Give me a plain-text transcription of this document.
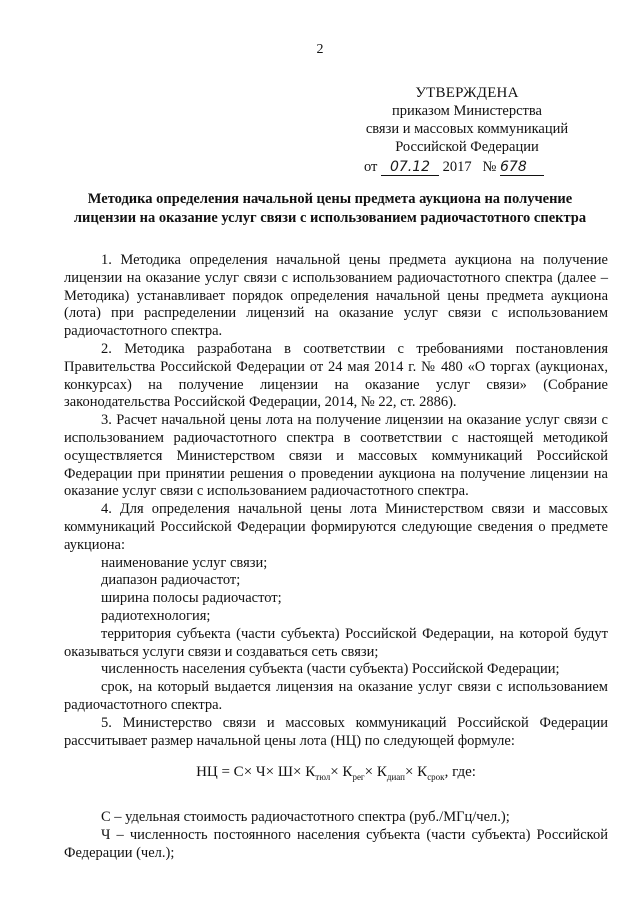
2
УТВЕРЖДЕНА
приказом Министерства
связи и массовых коммуникаций
Российской Федерации
от 07.12 2017 № 678
Методика определения начальной цены предмета аукциона на получение лицензии на оказание услуг связи с использованием радиочастотного спектра

1. Методика определения начальной цены предмета аукциона на получение лицензии на оказание услуг связи с использованием радиочастотного спектра (далее – Методика) устанавливает порядок определения начальной цены предмета аукциона (лота) при распределении лицензий на оказание услуг связи с использованием радиочастотного спектра.

2. Методика разработана в соответствии с требованиями постановления Правительства Российской Федерации от 24 мая 2014 г. № 480 «О торгах (аукционах, конкурсах) на получение лицензии на оказание услуг связи» (Собрание законодательства Российской Федерации, 2014, № 22, ст. 2886).

3. Расчет начальной цены лота на получение лицензии на оказание услуг связи с использованием радиочастотного спектра в соответствии с настоящей методикой осуществляется Министерством связи и массовых коммуникаций Российской Федерации при принятии решения о проведении аукциона на получение лицензии на оказание услуг связи с использованием радиочастотного спектра.

4. Для определения начальной цены лота Министерством связи и массовых коммуникаций Российской Федерации формируются следующие сведения о предмете аукциона:

наименование услуг связи;

диапазон радиочастот;

ширина полосы радиочастот;

радиотехнология;

территория субъекта (части субъекта) Российской Федерации, на которой будут оказываться услуги связи и создаваться сеть связи;

численность населения субъекта (части субъекта) Российской Федерации;

срок, на который выдается лицензия на оказание услуг связи с использованием радиочастотного спектра.

5. Министерство связи и массовых коммуникаций Российской Федерации рассчитывает размер начальной цены лота (НЦ) по следующей формуле:

НЦ = $С\times Ч\times Ш\times К_{тюл}\times К_{рег}\times К_{диап}\times К_{срок}$, где:

С – удельная стоимость радиочастотного спектра (руб./МГц/чел.);

Ч – численность постоянного населения субъекта (части субъекта) Российской Федерации (чел.);
